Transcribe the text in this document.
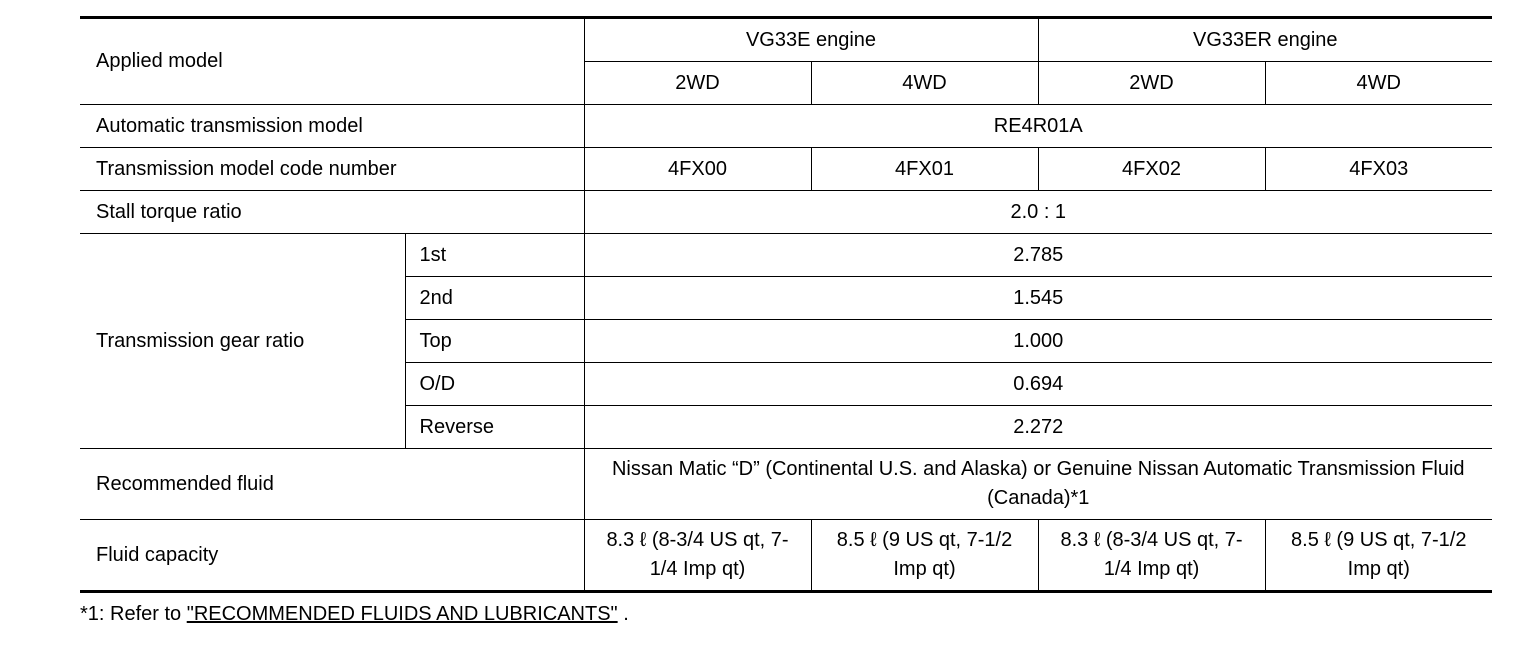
Applied model		VG33E engine		VG33ER engine	
		2WD	4WD	2WD	4WD
Automatic transmission model		RE4R01A			
Transmission model code number		4FX00	4FX01	4FX02	4FX03
Stall torque ratio		2.0 : 1			
Transmission gear ratio	1st	2.785			
	2nd	1.545			
	Top	1.000			
	O/D	0.694			
	Reverse	2.272			
Recommended fluid		Nissan Matic “D” (Continental U.S. and Alaska) or Genuine Nissan Automatic Transmission Fluid (Canada)*1			
Fluid capacity		8.3 ℓ (8-3/4 US qt, 7-1/4 Imp qt)	8.5 ℓ (9 US qt, 7-1/2 Imp qt)	8.3 ℓ (8-3/4 US qt, 7-1/4 Imp qt)	8.5 ℓ (9 US qt, 7-1/2 Imp qt)
*1: Refer to "RECOMMENDED FLUIDS AND LUBRICANTS" .
